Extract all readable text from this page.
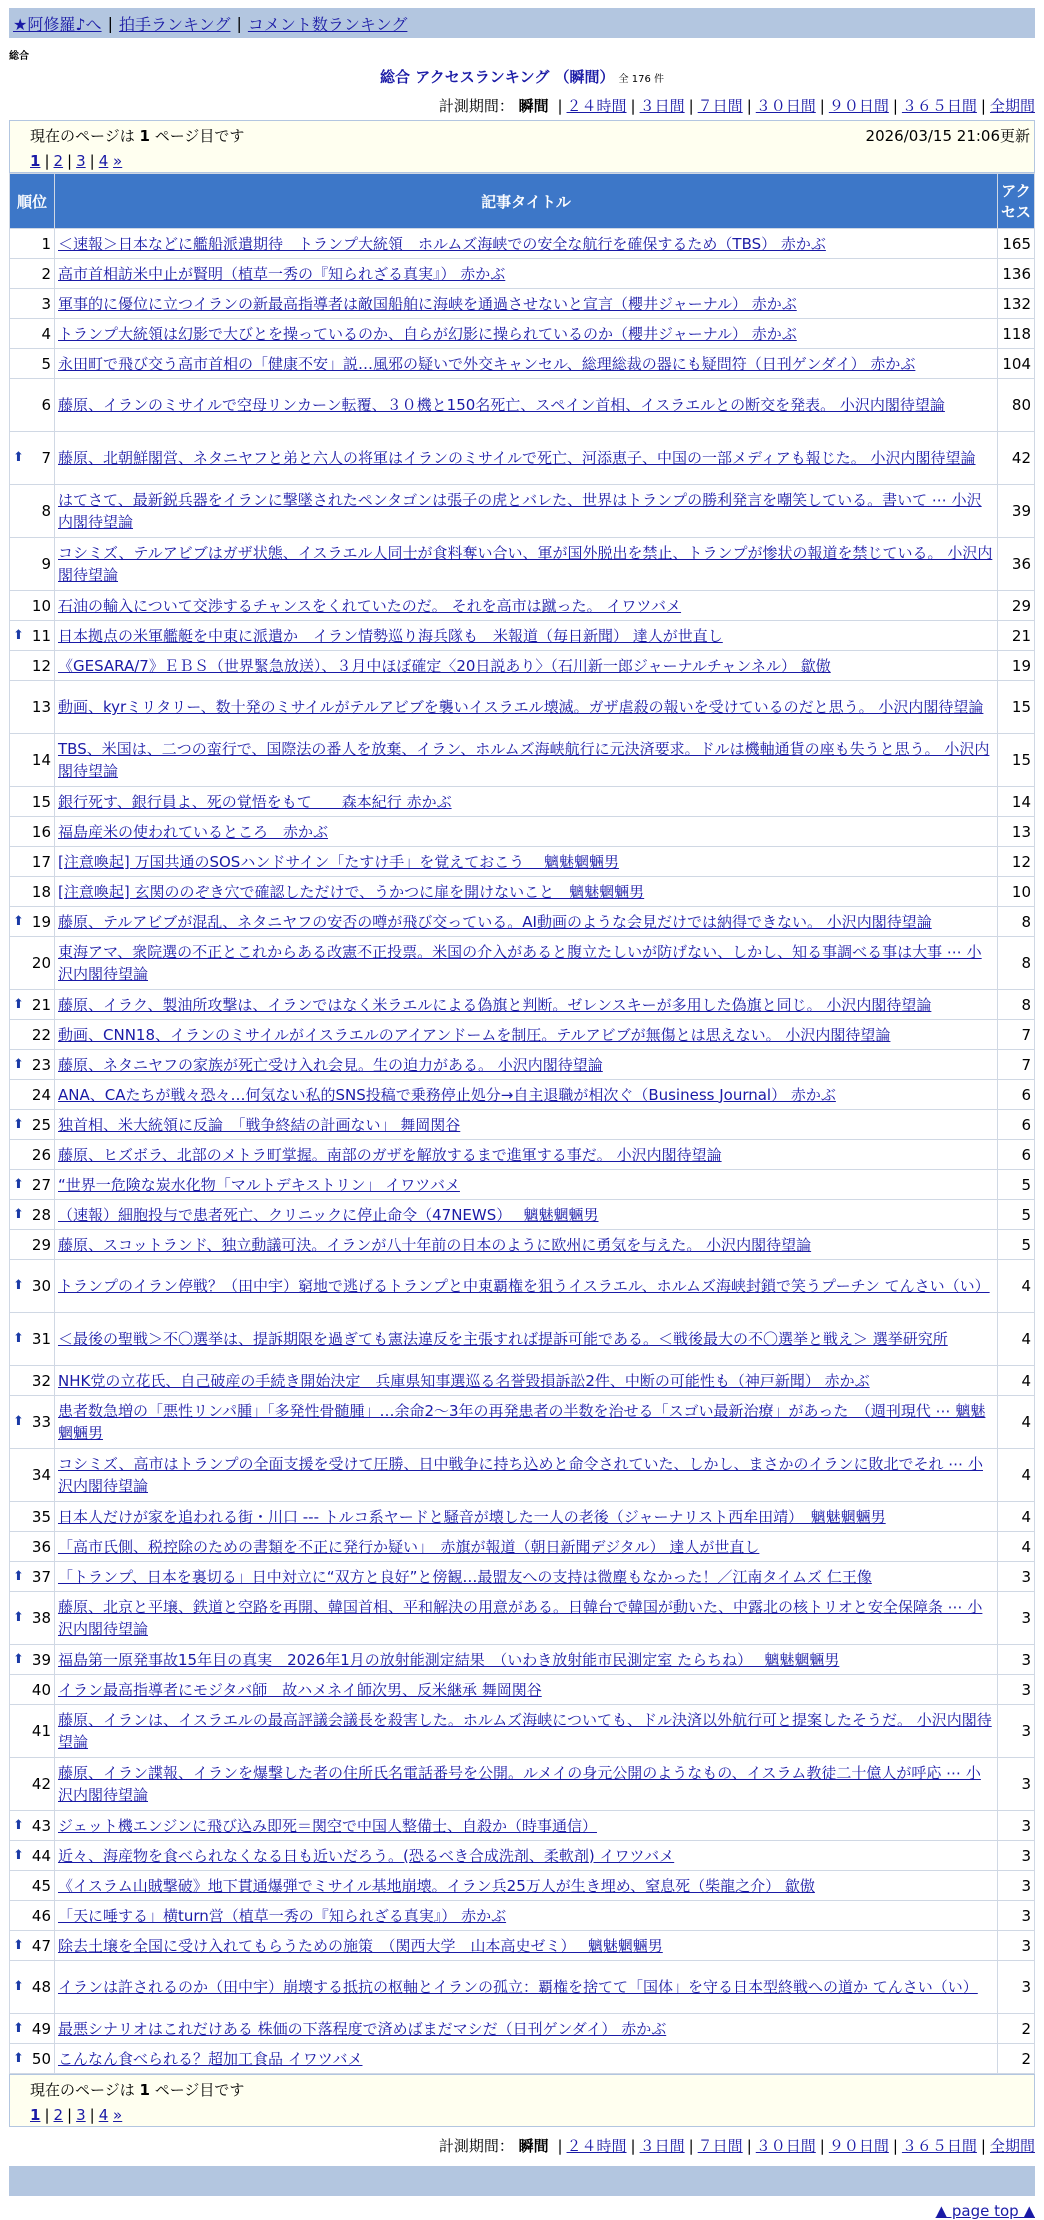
★阿修羅♪へ | 拍手ランキング | コメント数ランキング
総合
総合 アクセスランキング （瞬間） 全 176 件
計測期間： 瞬間 | ２４時間 | ３日間 | ７日間 | ３０日間 | ９０日間 | ３６５日間 | 全期間
現在のページは 1 ページ目です	2026/03/15 21:06更新
1 | 2 | 3 | 4 »
順位	記事タイトル	アクセス
1	＜速報＞日本などに艦船派遣期待　トランプ大統領　ホルムズ海峡での安全な航行を確保するため（TBS） 赤かぶ	165
2	高市首相訪米中止が賢明（植草一秀の『知られざる真実』） 赤かぶ	136
3	軍事的に優位に立つイランの新最高指導者は敵国船舶に海峡を通過させないと宣言（櫻井ジャーナル） 赤かぶ	132
4	トランプ大統領は幻影で大びとを操っているのか、自らが幻影に操られているのか（櫻井ジャーナル） 赤かぶ	118
5	永田町で飛び交う高市首相の「健康不安」説…風邪の疑いで外交キャンセル、総理総裁の器にも疑問符（日刊ゲンダイ） 赤かぶ	104
6	藤原、イランのミサイルで空母リンカーン転覆、３０機と150名死亡、スペイン首相、イスラエルとの断交を発表。 小沢内閣待望論	80

⬆ 7	藤原、北朝鮮閣営、ネタニヤフと弟と六人の将軍はイランのミサイルで死亡、河添恵子、中国の一部メディアも報じた。 小沢内閣待望論	42
8	はてさて、最新鋭兵器をイランに撃墜されたペンタゴンは張子の虎とバレた、世界はトランプの勝利発言を嘲笑している。書いて ⋯ 小沢内閣待望論	39
9	コシミズ、テルアビブはガザ状態、イスラエル人同士が食料奪い合い、軍が国外脱出を禁止、トランプが惨状の報道を禁じている。 小沢内閣待望論	36
10	石油の輸入について交渉するチャンスをくれていたのだ。 それを高市は蹴った。 イワツバメ	29

⬆ 11	日本拠点の米軍艦艇を中東に派遣か　イラン情勢巡り海兵隊も　米報道（毎日新聞） 達人が世直し	21
12	《GESARA/7》ＥＢＳ（世界緊急放送）、３月中ほぼ確定〈20日説あり〉（石川新一郎ジャーナルチャンネル） 歙傲	19
13	動画、kyrミリタリー、数十発のミサイルがテルアビブを襲いイスラエル壊滅。ガザ虐殺の報いを受けているのだと思う。 小沢内閣待望論	15
14	TBS、米国は、二つの蛮行で、国際法の番人を放棄、イラン、ホルムズ海峡航行に元決済要求。ドルは機軸通貨の座も失うと思う。 小沢内閣待望論	15
15	銀行死す、銀行員よ、死の覚悟をもて　　森本紀行 赤かぶ	14
16	福島産米の使われているところ　赤かぶ	13
17	[注意喚起] 万国共通のSOSハンドサイン「たすけ手」を覚えておこう　 魑魅魍魎男	12
18	[注意喚起] 玄関ののぞき穴で確認しただけで、うかつに扉を開けないこと　魑魅魍魎男	10

⬆ 19	藤原、テルアビブが混乱、ネタニヤフの安否の噂が飛び交っている。AI動画のような会見だけでは納得できない。 小沢内閣待望論	8
20	東海アマ、衆院選の不正とこれからある改憲不正投票。米国の介入があると腹立たしいが防げない、しかし、知る事調べる事は大事 ⋯ 小沢内閣待望論	8

⬆ 21	藤原、イラク、製油所攻撃は、イランではなく米ラエルによる偽旗と判断。ゼレンスキーが多用した偽旗と同じ。 小沢内閣待望論	8
22	動画、CNN18、イランのミサイルがイスラエルのアイアンドームを制圧。テルアビブが無傷とは思えない。 小沢内閣待望論	7

⬆ 23	藤原、ネタニヤフの家族が死亡受け入れ会見。生の迫力がある。 小沢内閣待望論	7
24	ANA、CAたちが戦々恐々…何気ない私的SNS投稿で乗務停止処分→自主退職が相次ぐ（Business Journal） 赤かぶ	6

⬆ 25	独首相、米大統領に反論　「戦争終結の計画ない」 舞岡関谷	6
26	藤原、ヒズボラ、北部のメトラ町掌握。南部のガザを解放するまで進軍する事だ。 小沢内閣待望論	6

⬆ 27	“世界一危険な炭水化物「マルトデキストリン」 イワツバメ	5

⬆ 28	（速報）細胞投与で患者死亡、クリニックに停止命令（47NEWS）　 魑魅魍魎男	5
29	藤原、スコットランド、独立動議可決。イランが八十年前の日本のように欧州に勇気を与えた。 小沢内閣待望論	5

⬆ 30	トランプのイラン停戦？（田中宇）窮地で逃げるトランプと中東覇権を狙うイスラエル、ホルムズ海峡封鎖で笑うプーチン てんさい（い）	4

⬆ 31	＜最後の聖戦＞不〇選挙は、提訴期限を過ぎても憲法違反を主張すれば提訴可能である。＜戦後最大の不〇選挙と戦え＞ 選挙研究所	4
32	NHK党の立花氏、自己破産の手続き開始決定　兵庫県知事選巡る名誉毀損訴訟2件、中断の可能性も（神戸新聞） 赤かぶ	4

⬆ 33	患者数急増の「悪性リンパ腫」「多発性骨髄腫」…余命2～3年の再発患者の半数を治せる「スゴい最新治療」があった　（週刊現代 ⋯ 魑魅魍魎男	4
34	コシミズ、高市はトランプの全面支援を受けて圧勝、日中戦争に持ち込めと命令されていた、しかし、まさかのイランに敗北でそれ ⋯ 小沢内閣待望論	4
35	日本人だけが家を追われる街・川口 --- トルコ系ヤードと騒音が壊した一人の老後（ジャーナリスト西牟田靖）　魑魅魍魎男	4
36	「高市氏側、税控除のための書類を不正に発行か疑い」　赤旗が報道（朝日新聞デジタル） 達人が世直し	4

⬆ 37	「トランプ、日本を裏切る」日中対立に“双方と良好”と傍観…最盟友への支持は微塵もなかった！／江南タイムズ 仁王像	3

⬆ 38	藤原、北京と平壌、鉄道と空路を再開、韓国首相、平和解決の用意がある。日韓台で韓国が動いた、中露北の核トリオと安全保障条 ⋯ 小沢内閣待望論	3

⬆ 39	福島第一原発事故15年目の真実　2026年1月の放射能測定結果　（いわき放射能市民測定室 たらちね）　 魑魅魍魎男	3
40	イラン最高指導者にモジタバ師　故ハメネイ師次男、反米継承 舞岡関谷	3
41	藤原、イランは、イスラエルの最高評議会議長を殺害した。ホルムズ海峡についても、ドル決済以外航行可と提案したそうだ。 小沢内閣待望論	3
42	藤原、イラン諜報、イランを爆撃した者の住所氏名電話番号を公開。ルメイの身元公開のようなもの、イスラム教徒二十億人が呼応 ⋯ 小沢内閣待望論	3

⬆ 43	ジェット機エンジンに飛び込み即死＝関空で中国人整備士、自殺か（時事通信）	3

⬆ 44	近々、海産物を食べられなくなる日も近いだろう。(恐るべき合成洗剤、柔軟剤) イワツバメ	3
45	《イスラム山賊撃破》地下貫通爆弾でミサイル基地崩壊。イラン兵25万人が生き埋め、窒息死（柴龍之介） 歙傲	3
46	「天に唾する」横turn営（植草一秀の『知られざる真実』） 赤かぶ	3

⬆ 47	除去土壌を全国に受け入れてもらうための施策　（関西大学　山本高史ゼミ）　 魑魅魍魎男	3

⬆ 48	イランは許されるのか（田中宇）崩壊する抵抗の枢軸とイランの孤立：覇権を捨てて「国体」を守る日本型終戦への道か てんさい（い）	3

⬆ 49	最悪シナリオはこれだけある 株価の下落程度で済めばまだマシだ（日刊ゲンダイ） 赤かぶ	2

⬆ 50	こんなん食べられる？超加工食品 イワツバメ	2
現在のページは 1 ページ目です
1 | 2 | 3 | 4 »
計測期間： 瞬間 | ２４時間 | ３日間 | ７日間 | ３０日間 | ９０日間 | ３６５日間 | 全期間
▲ page top ▲
